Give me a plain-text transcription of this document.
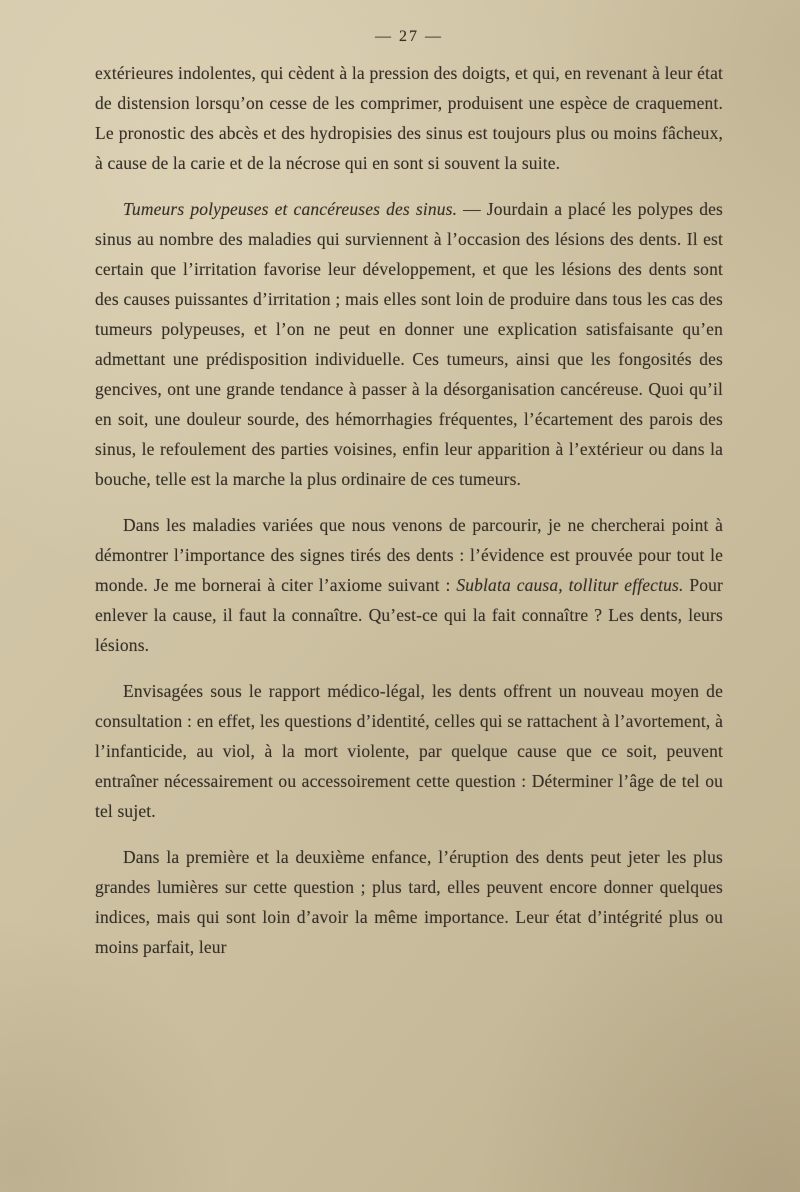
— 27 —

extérieures indolentes, qui cèdent à la pression des doigts, et qui, en revenant à leur état de distension lorsqu’on cesse de les comprimer, produisent une espèce de craquement. Le pronostic des abcès et des hydropisies des sinus est toujours plus ou moins fâcheux, à cause de la carie et de la nécrose qui en sont si souvent la suite.

Tumeurs polypeuses et cancéreuses des sinus. — Jourdain a placé les polypes des sinus au nombre des maladies qui surviennent à l’occasion des lésions des dents. Il est certain que l’irritation favorise leur développement, et que les lésions des dents sont des causes puissantes d’irritation ; mais elles sont loin de produire dans tous les cas des tumeurs polypeuses, et l’on ne peut en donner une explication satisfaisante qu’en admettant une prédisposition individuelle. Ces tumeurs, ainsi que les fongosités des gencives, ont une grande tendance à passer à la désorganisation cancéreuse. Quoi qu’il en soit, une douleur sourde, des hémorrhagies fréquentes, l’écartement des parois des sinus, le refoulement des parties voisines, enfin leur apparition à l’extérieur ou dans la bouche, telle est la marche la plus ordinaire de ces tumeurs.

Dans les maladies variées que nous venons de parcourir, je ne chercherai point à démontrer l’importance des signes tirés des dents : l’évidence est prouvée pour tout le monde. Je me bornerai à citer l’axiome suivant : Sublata causa, tollitur effectus. Pour enlever la cause, il faut la connaître. Qu’est-ce qui la fait connaître ? Les dents, leurs lésions.

Envisagées sous le rapport médico-légal, les dents offrent un nouveau moyen de consultation : en effet, les questions d’identité, celles qui se rattachent à l’avortement, à l’infanticide, au viol, à la mort violente, par quelque cause que ce soit, peuvent entraîner nécessairement ou accessoirement cette question : Déterminer l’âge de tel ou tel sujet.

Dans la première et la deuxième enfance, l’éruption des dents peut jeter les plus grandes lumières sur cette question ; plus tard, elles peuvent encore donner quelques indices, mais qui sont loin d’avoir la même importance. Leur état d’intégrité plus ou moins parfait, leur
